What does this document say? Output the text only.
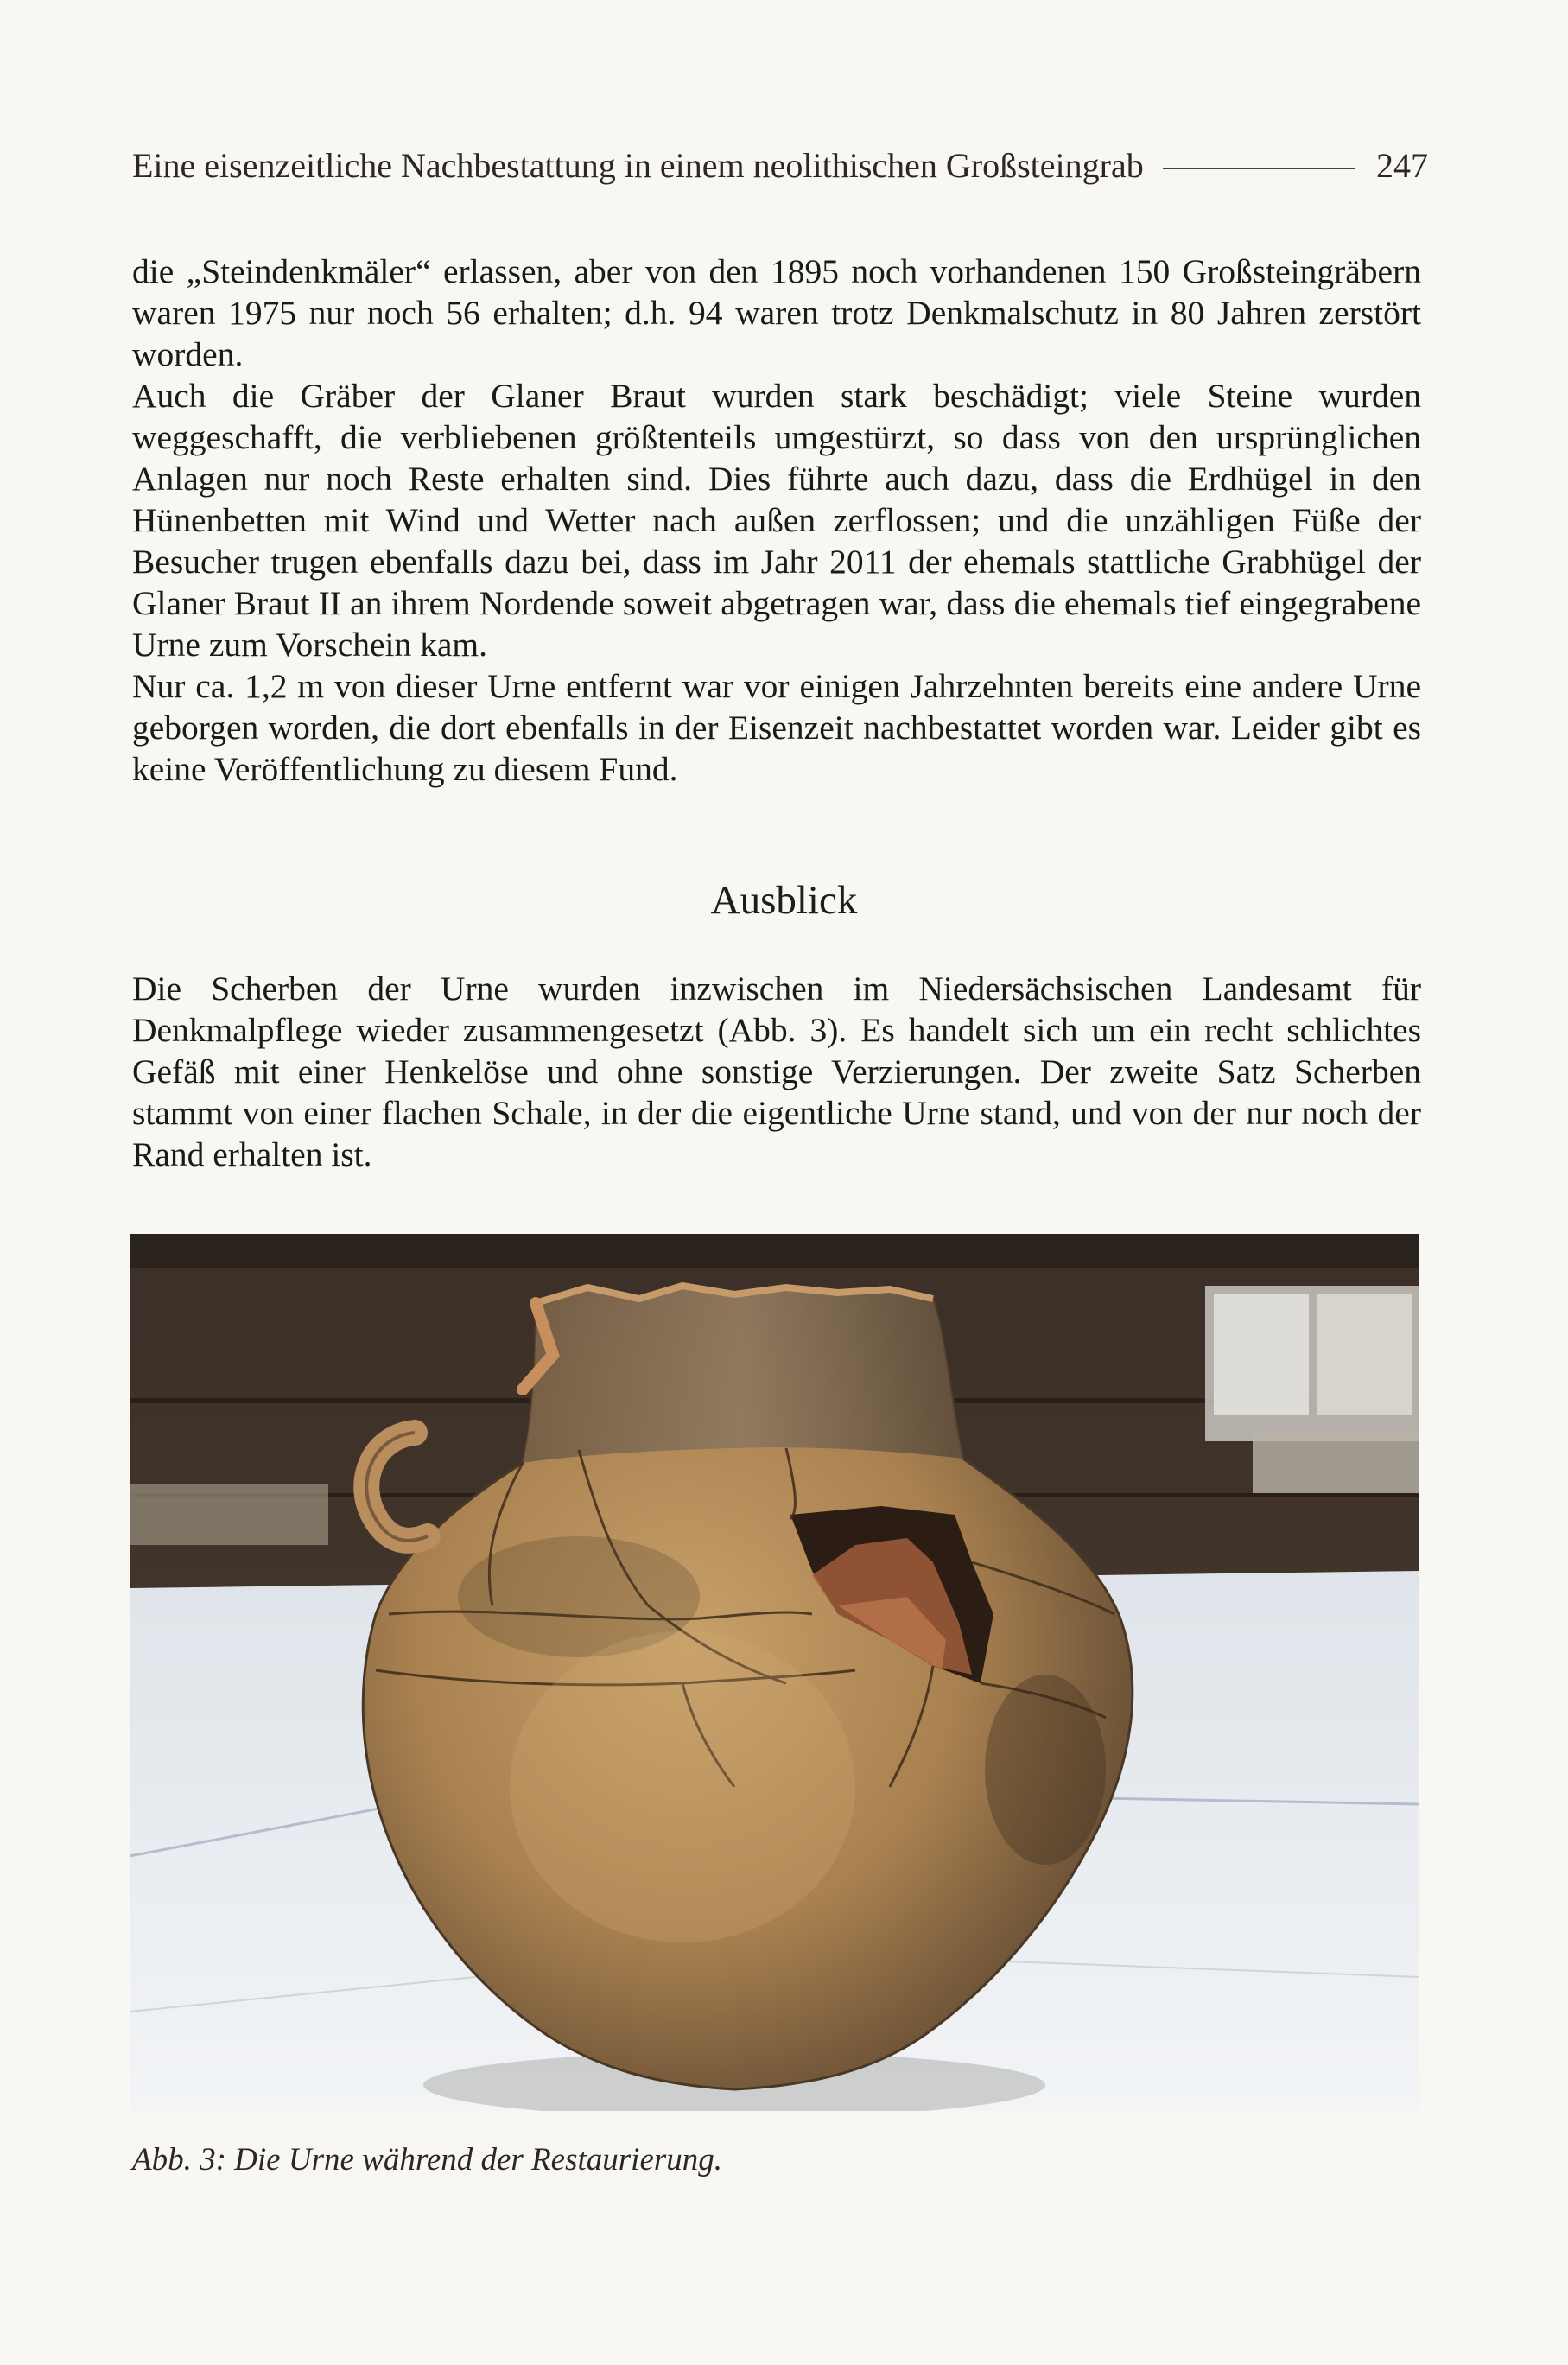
Eine eisenzeitliche Nachbestattung in einem neolithischen Großsteingrab	247

die „Steindenkmäler“ erlassen, aber von den 1895 noch vorhandenen 150 Großsteingräbern waren 1975 nur noch 56 erhalten; d.h. 94 waren trotz Denkmalschutz in 80 Jahren zerstört worden.

Auch die Gräber der Glaner Braut wurden stark beschädigt; viele Steine wurden weggeschafft, die verbliebenen größtenteils umgestürzt, so dass von den ursprünglichen Anlagen nur noch Reste erhalten sind. Dies führte auch dazu, dass die Erdhügel in den Hünenbetten mit Wind und Wetter nach außen zerflossen; und die unzähligen Füße der Besucher trugen ebenfalls dazu bei, dass im Jahr 2011 der ehemals stattliche Grabhügel der Glaner Braut II an ihrem Nordende soweit abgetragen war, dass die ehemals tief eingegrabene Urne zum Vorschein kam.

Nur ca. 1,2 m von dieser Urne entfernt war vor einigen Jahrzehnten bereits eine andere Urne geborgen worden, die dort ebenfalls in der Eisenzeit nachbestattet worden war. Leider gibt es keine Veröffentlichung zu diesem Fund.

Ausblick

Die Scherben der Urne wurden inzwischen im Niedersächsischen Landesamt für Denkmalpflege wieder zusammengesetzt (Abb. 3). Es handelt sich um ein recht schlichtes Gefäß mit einer Henkelöse und ohne sonstige Verzierungen. Der zweite Satz Scherben stammt von einer flachen Schale, in der die eigentliche Urne stand, und von der nur noch der Rand erhalten ist.

Abb. 3: Die Urne während der Restaurierung.
